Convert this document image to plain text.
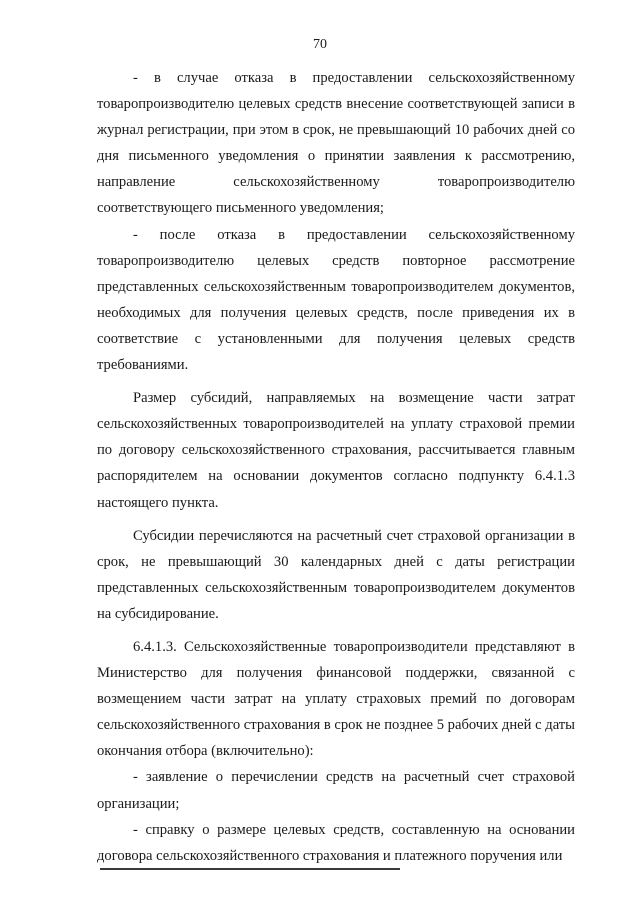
70

- в случае отказа в предоставлении сельскохозяйственному товаропроизводителю целевых средств внесение соответствующей записи в журнал регистрации, при этом в срок, не превышающий 10 рабочих дней со дня письменного уведомления о принятии заявления к рассмотрению, направление сельскохозяйственному товаропроизводителю соответствующего письменного уведомления;

- после отказа в предоставлении сельскохозяйственному товаропроизводителю целевых средств повторное рассмотрение представленных сельскохозяйственным товаропроизводителем документов, необходимых для получения целевых средств, после приведения их в соответствие с установленными для получения целевых средств требованиями.

Размер субсидий, направляемых на возмещение части затрат сельскохозяйственных товаропроизводителей на уплату страховой премии по договору сельскохозяйственного страхования, рассчитывается главным распорядителем на основании документов согласно подпункту 6.4.1.3 настоящего пункта.

Субсидии перечисляются на расчетный счет страховой организации в срок, не превышающий 30 календарных дней с даты регистрации представленных сельскохозяйственным товаропроизводителем документов на субсидирование.

6.4.1.3. Сельскохозяйственные товаропроизводители представляют в Министерство для получения финансовой поддержки, связанной с возмещением части затрат на уплату страховых премий по договорам сельскохозяйственного страхования в срок не позднее 5 рабочих дней с даты окончания отбора (включительно):

- заявление о перечислении средств на расчетный счет страховой организации;

- справку о размере целевых средств, составленную на основании договора сельскохозяйственного страхования и платежного поручения или
